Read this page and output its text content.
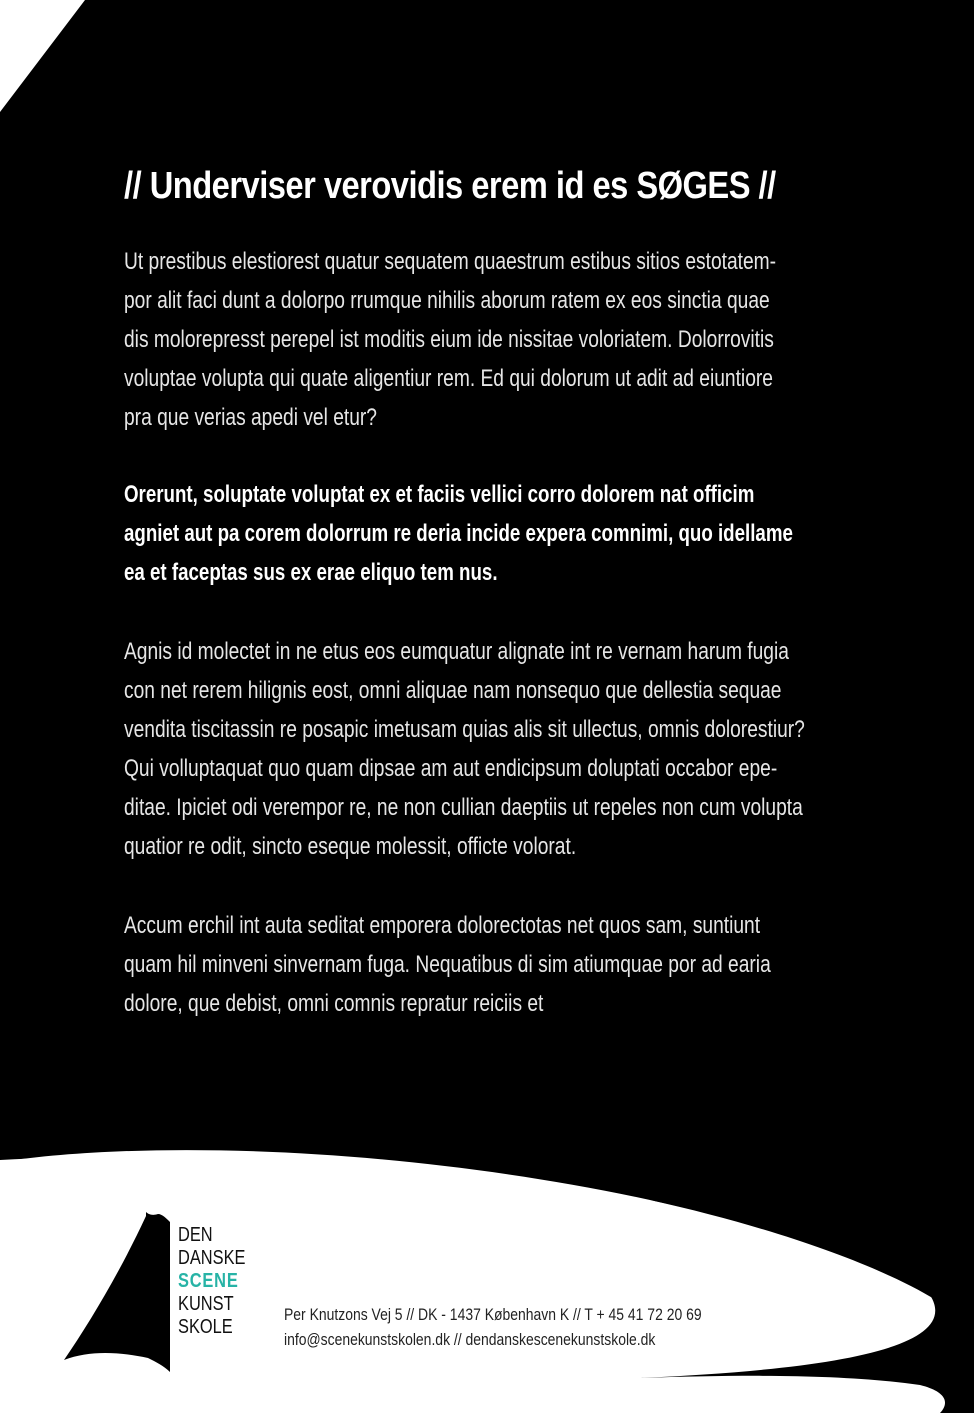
// Underviser verovidis erem id es SØGES //

Ut prestibus elestiorest quatur sequatem quaestrum estibus sitios estotatem-
por alit faci dunt a dolorpo rrumque nihilis aborum ratem ex eos sinctia quae
dis molorepresst perepel ist moditis eium ide nissitae voloriatem. Dolorrovitis
voluptae volupta qui quate aligentiur rem. Ed qui dolorum ut adit ad eiuntiore
pra que verias apedi vel etur?

Orerunt, soluptate voluptat ex et faciis vellici corro dolorem nat officim
agniet aut pa corem dolorrum re deria incide expera comnimi, quo idellame
ea et faceptas sus ex erae eliquo tem nus.

Agnis id molectet in ne etus eos eumquatur alignate int re vernam harum fugia
con net rerem hilignis eost, omni aliquae nam nonsequo que dellestia sequae
vendita tiscitassin re posapic imetusam quias alis sit ullectus, omnis dolorestiur?
Qui volluptaquat quo quam dipsae am aut endicipsum doluptati occabor epe-
ditae. Ipiciet odi verempor re, ne non cullian daeptiis ut repeles non cum volupta
quatior re odit, sincto eseque molessit, officte volorat.

Accum erchil int auta seditat emporera dolorectotas net quos sam, suntiunt
quam hil minveni sinvernam fuga. Nequatibus di sim atiumquae por ad earia
dolore, que debist, omni comnis repratur reiciis et

DEN
DANSKE
SCENE
KUNST
SKOLE
Per Knutzons Vej 5 // DK - 1437 København K // T + 45 41 72 20 69
info@scenekunstskolen.dk // dendanskescenekunstskole.dk
